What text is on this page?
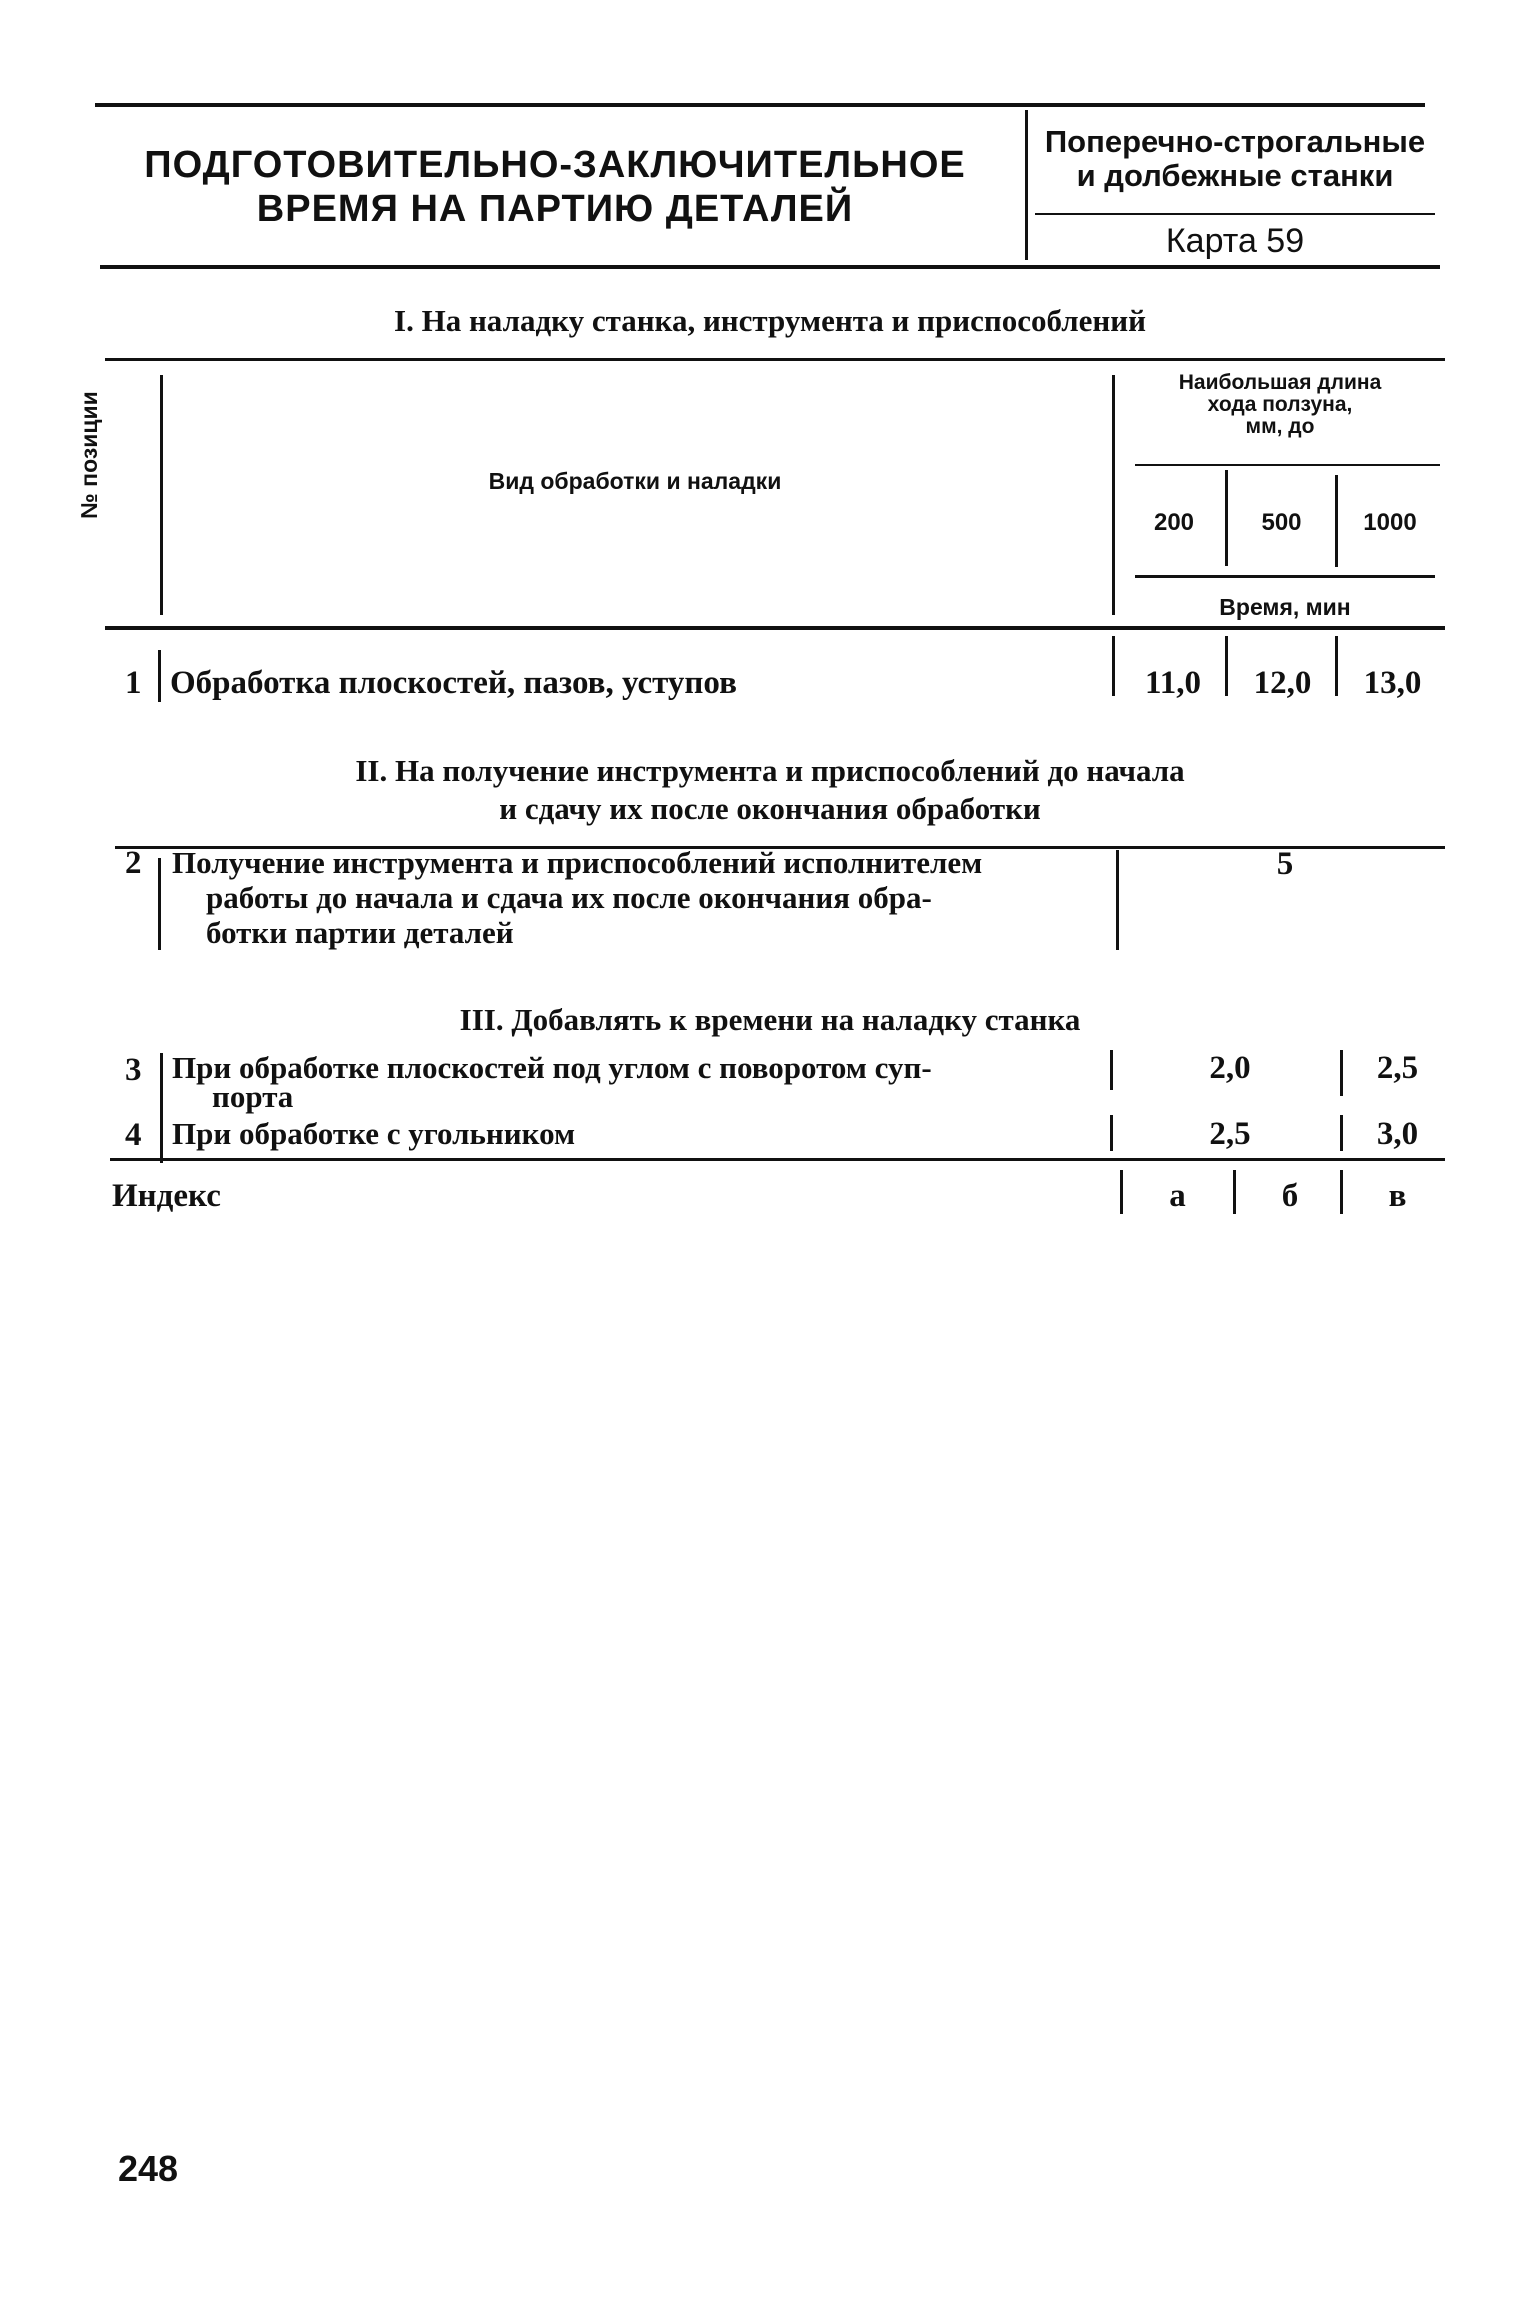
ПОДГОТОВИТЕЛЬНО-ЗАКЛЮЧИТЕЛЬНОЕ
ВРЕМЯ НА ПАРТИЮ ДЕТАЛЕЙ
Поперечно-строгальные
и долбежные станки
Карта 59
I. На наладку станка, инструмента и приспособлений
№ позиции	Вид обработки и наладки
Наибольшая длина
хода ползуна,
мм, до
200	500	1000
Время, мин
1 Обработка плоскостей, пазов, уступов	11,0	12,0	13,0
II. На получение инструмента и приспособлений до начала
и сдачу их после окончания обработки
2 Получение инструмента и приспособлений исполнителем
работы до начала и сдача их после окончания обра-
ботки партии деталей
5
III. Добавлять к времени на наладку станка
3 При обработке плоскостей под углом с поворотом суп-
порта
2,0	2,5
4 При обработке с угольником	2,5	3,0
Индекс	а	б	в
248
